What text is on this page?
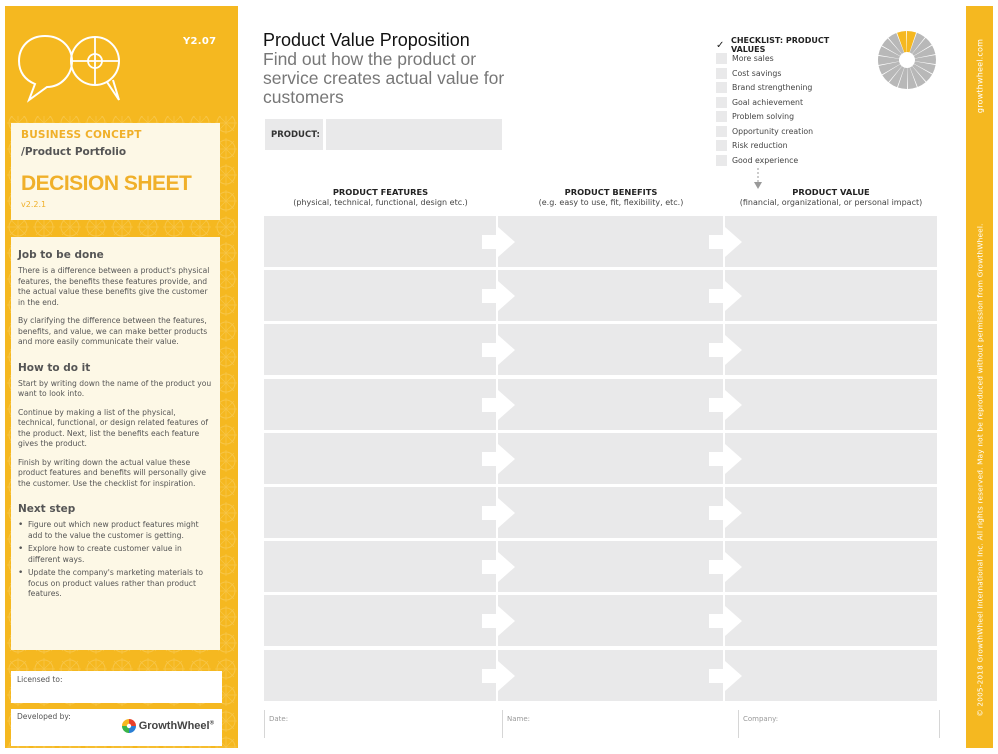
Y2.07
BUSINESS CONCEPT
/Product Portfolio
DECISION SHEET
v2.2.1
Job to be done

There is a difference between a product's physical features, the benefits these features provide, and the actual value these benefits give the customer in the end.

By clarifying the difference between the features, benefits, and value, we can make better products and more easily communicate their value.

How to do it

Start by writing down the name of the product you want to look into.

Continue by making a list of the physical, technical, functional, or design related features of the product. Next, list the benefits each feature gives the product.

Finish by writing down the actual value these product features and benefits will personally give the customer. Use the checklist for inspiration.

Next step
• Figure out which new product features might add to the value the customer is getting.
• Explore how to create customer value in different ways.
• Update the company's marketing materials to focus on product values rather than product features.
Licensed to:
Developed by:
GrowthWheel®
growthwheel.com
© 2005-2018 GrowthWheel International Inc. All rights reserved. May not be reproduced without permission from GrowthWheel.
Product Value Proposition
Find out how the product or service creates actual value for customers
PRODUCT:
✓ CHECKLIST: PRODUCT VALUES
More sales
Cost savings
Brand strengthening
Goal achievement
Problem solving
Opportunity creation
Risk reduction
Good experience
PRODUCT FEATURES
(physical, technical, functional, design etc.)
PRODUCT BENEFITS
(e.g. easy to use, fit, flexibility, etc.)
PRODUCT VALUE
(financial, organizational, or personal impact)
Date:	Name:	Company:
